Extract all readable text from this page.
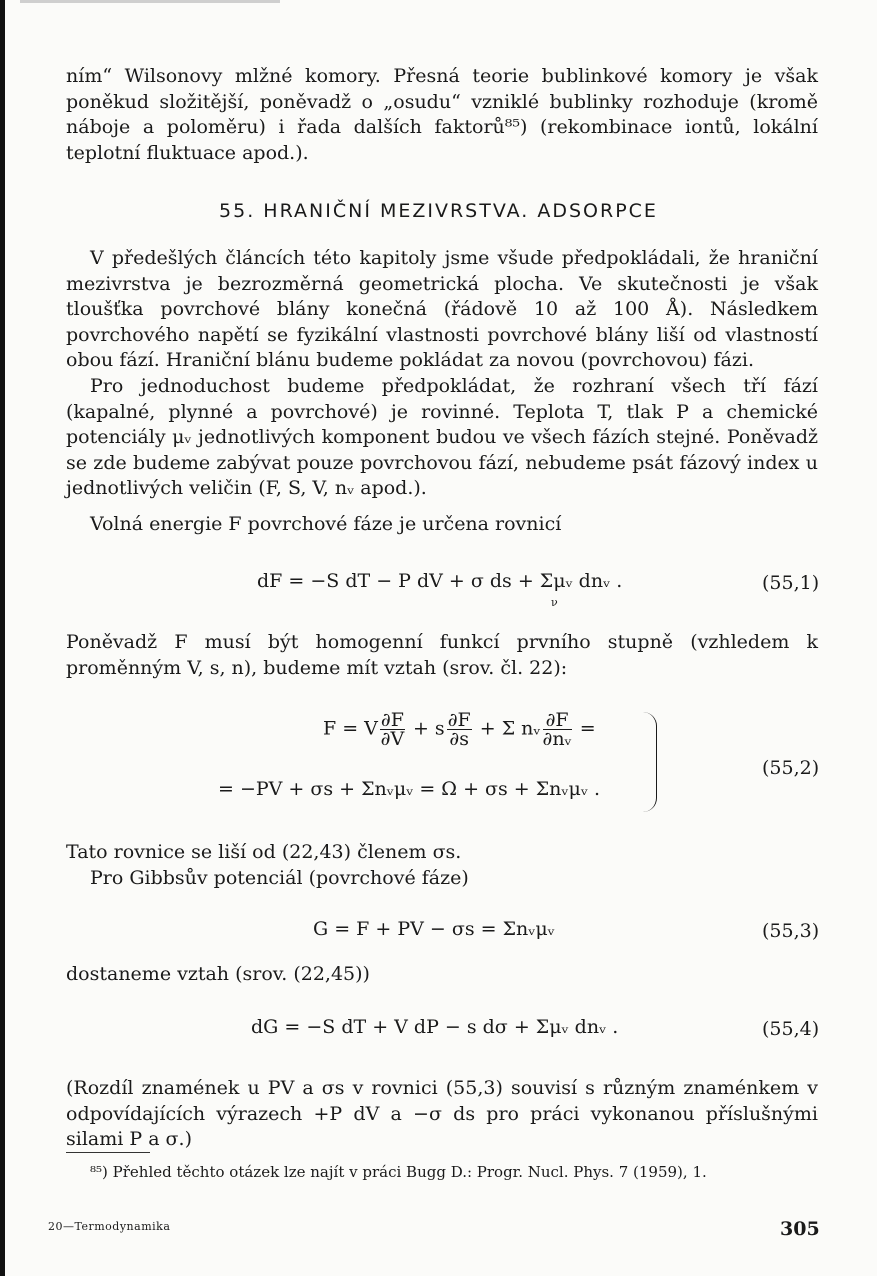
ním“ Wilsonovy mlžné komory. Přesná teorie bublinkové komory je však poněkud složitější, poněvadž o „osudu“ vzniklé bublinky rozhoduje (kromě náboje a poloměru) i řada dalších faktorů⁸⁵) (rekombinace iontů, lokální teplotní fluktuace apod.).

55. HRANIČNÍ MEZIVRSTVA. ADSORPCE

V předešlých článcích této kapitoly jsme všude předpokládali, že hraniční mezivrstva je bezrozměrná geometrická plocha. Ve skutečnosti je však tloušťka povrchové blány konečná (řádově 10 až 100 Å). Následkem povrchového napětí se fyzikální vlastnosti povrchové blány liší od vlastností obou fází. Hraniční blánu budeme pokládat za novou (povrchovou) fázi.

Pro jednoduchost budeme předpokládat, že rozhraní všech tří fází (kapalné, plynné a povrchové) je rovinné. Teplota T, tlak P a chemické potenciály μᵥ jednotlivých komponent budou ve všech fázích stejné. Poněvadž se zde budeme zabývat pouze povrchovou fází, nebudeme psát fázový index u jednotlivých veličin (F, S, V, nᵥ apod.).

Volná energie F povrchové fáze je určena rovnicí

dF = −S dT − P dV + σ ds + Σμᵥ dnᵥ .
ν
(55,1)

Poněvadž F musí být homogenní funkcí prvního stupně (vzhledem k proměnným V, s, n), budeme mít vztah (srov. čl. 22):

F = V $\frac{\partial F}{\partial V} + s \frac{\partial F}{\partial s} + \Sigma$ nᵥ $\frac{\partial F}{\text{∂nᵥ}}$ =
= −PV + σs + Σnᵥμᵥ = Ω + σs + Σnᵥμᵥ .
(55,2)

Tato rovnice se liší od (22,43) členem σs.

Pro Gibbsův potenciál (povrchové fáze)

G = F + PV − σs = Σnᵥμᵥ	(55,3)

dostaneme vztah (srov. (22,45))

dG = −S dT + V dP − s dσ + Σμᵥ dnᵥ .	(55,4)

(Rozdíl znamének u PV a σs v rovnici (55,3) souvisí s různým znaménkem v odpovídajících výrazech +P dV a −σ ds pro práci vykonanou příslušnými silami P a σ.)

⁸⁵) Přehled těchto otázek lze najít v práci Bugg D.: Progr. Nucl. Phys. 7 (1959), 1.
20—Termodynamika	305
